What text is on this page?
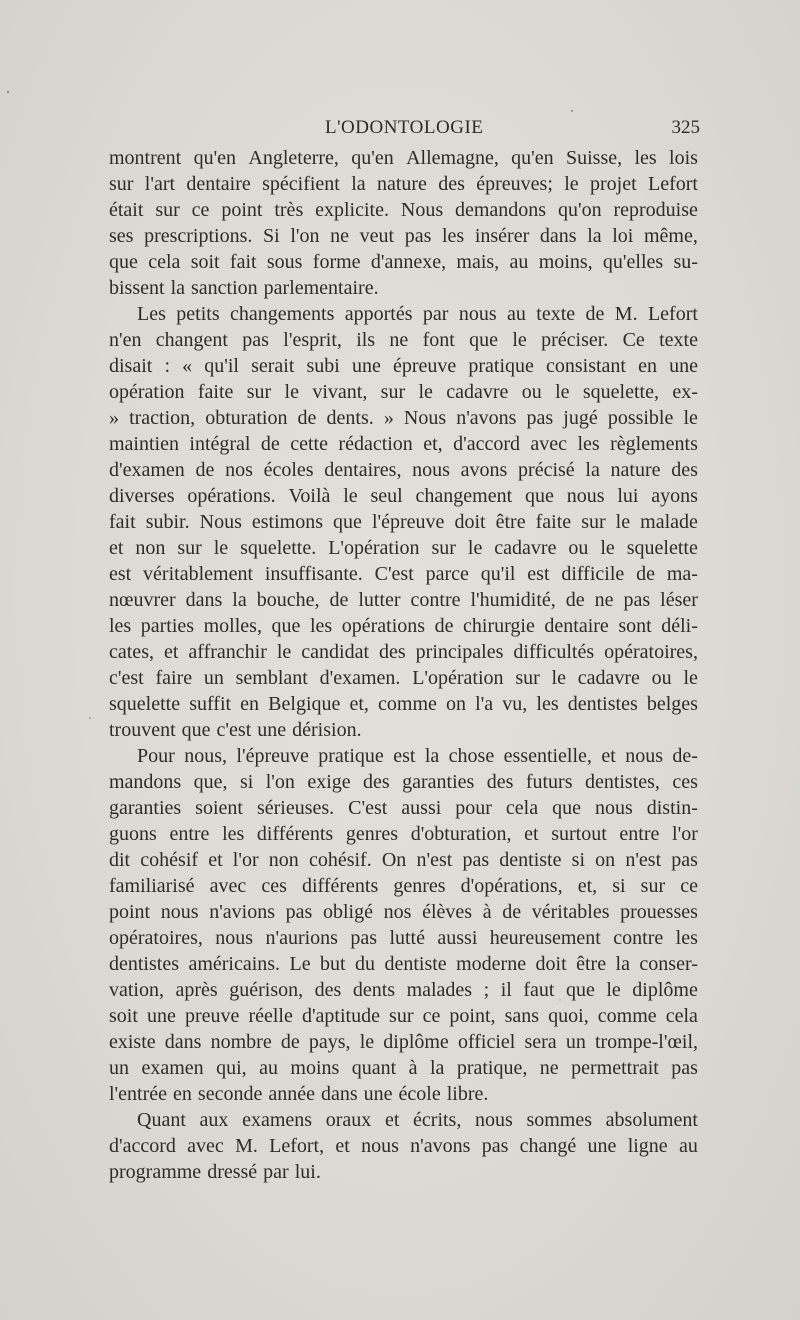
L'ODONTOLOGIE	325
montrent qu'en Angleterre, qu'en Allemagne, qu'en Suisse, les lois
sur l'art dentaire spécifient la nature des épreuves; le projet Lefort
était sur ce point très explicite. Nous demandons qu'on reproduise
ses prescriptions. Si l'on ne veut pas les insérer dans la loi même,
que cela soit fait sous forme d'annexe, mais, au moins, qu'elles su-
bissent la sanction parlementaire.
Les petits changements apportés par nous au texte de M. Lefort
n'en changent pas l'esprit, ils ne font que le préciser. Ce texte
disait : « qu'il serait subi une épreuve pratique consistant en une
opération faite sur le vivant, sur le cadavre ou le squelette, ex-
» traction, obturation de dents. » Nous n'avons pas jugé possible le
maintien intégral de cette rédaction et, d'accord avec les règlements
d'examen de nos écoles dentaires, nous avons précisé la nature des
diverses opérations. Voilà le seul changement que nous lui ayons
fait subir. Nous estimons que l'épreuve doit être faite sur le malade
et non sur le squelette. L'opération sur le cadavre ou le squelette
est véritablement insuffisante. C'est parce qu'il est difficile de ma-
nœuvrer dans la bouche, de lutter contre l'humidité, de ne pas léser
les parties molles, que les opérations de chirurgie dentaire sont déli-
cates, et affranchir le candidat des principales difficultés opératoires,
c'est faire un semblant d'examen. L'opération sur le cadavre ou le
squelette suffit en Belgique et, comme on l'a vu, les dentistes belges
trouvent que c'est une dérision.
Pour nous, l'épreuve pratique est la chose essentielle, et nous de-
mandons que, si l'on exige des garanties des futurs dentistes, ces
garanties soient sérieuses. C'est aussi pour cela que nous distin-
guons entre les différents genres d'obturation, et surtout entre l'or
dit cohésif et l'or non cohésif. On n'est pas dentiste si on n'est pas
familiarisé avec ces différents genres d'opérations, et, si sur ce
point nous n'avions pas obligé nos élèves à de véritables prouesses
opératoires, nous n'aurions pas lutté aussi heureusement contre les
dentistes américains. Le but du dentiste moderne doit être la conser-
vation, après guérison, des dents malades ; il faut que le diplôme
soit une preuve réelle d'aptitude sur ce point, sans quoi, comme cela
existe dans nombre de pays, le diplôme officiel sera un trompe-l'œil,
un examen qui, au moins quant à la pratique, ne permettrait pas
l'entrée en seconde année dans une école libre.
Quant aux examens oraux et écrits, nous sommes absolument
d'accord avec M. Lefort, et nous n'avons pas changé une ligne au
programme dressé par lui.
